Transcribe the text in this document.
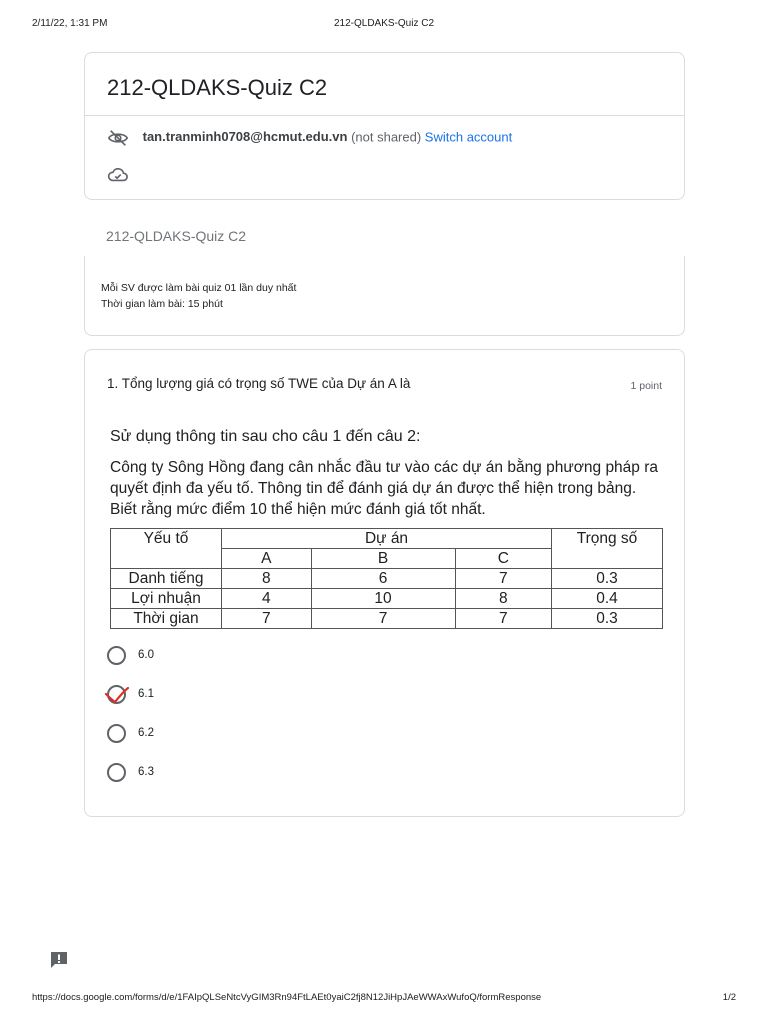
2/11/22, 1:31 PM	212-QLDAKS-Quiz C2
212-QLDAKS-Quiz C2
tan.tranminh0708@hcmut.edu.vn (not shared) Switch account
212-QLDAKS-Quiz C2
Mỗi SV được làm bài quiz 01 lần duy nhất
Thời gian làm bài: 15 phút
1. Tổng lượng giá có trọng số TWE của Dự án A là	1 point
Sử dụng thông tin sau cho câu 1 đến câu 2:
Công ty Sông Hồng đang cân nhắc đầu tư vào các dự án bằng phương pháp ra quyết định đa yếu tố. Thông tin để đánh giá dự án được thể hiện trong bảng. Biết rằng mức điểm 10 thể hiện mức đánh giá tốt nhất.
Yếu tố	Dự án			Trọng số
	A	B	C	
Danh tiếng	8	6	7	0.3
Lợi nhuận	4	10	8	0.4
Thời gian	7	7	7	0.3
6.0
6.1
6.2
6.3
https://docs.google.com/forms/d/e/1FAIpQLSeNtcVyGIM3Rn94FtLAEt0yaiC2fj8N12JiHpJAeWWAxWufoQ/formResponse	1/2
